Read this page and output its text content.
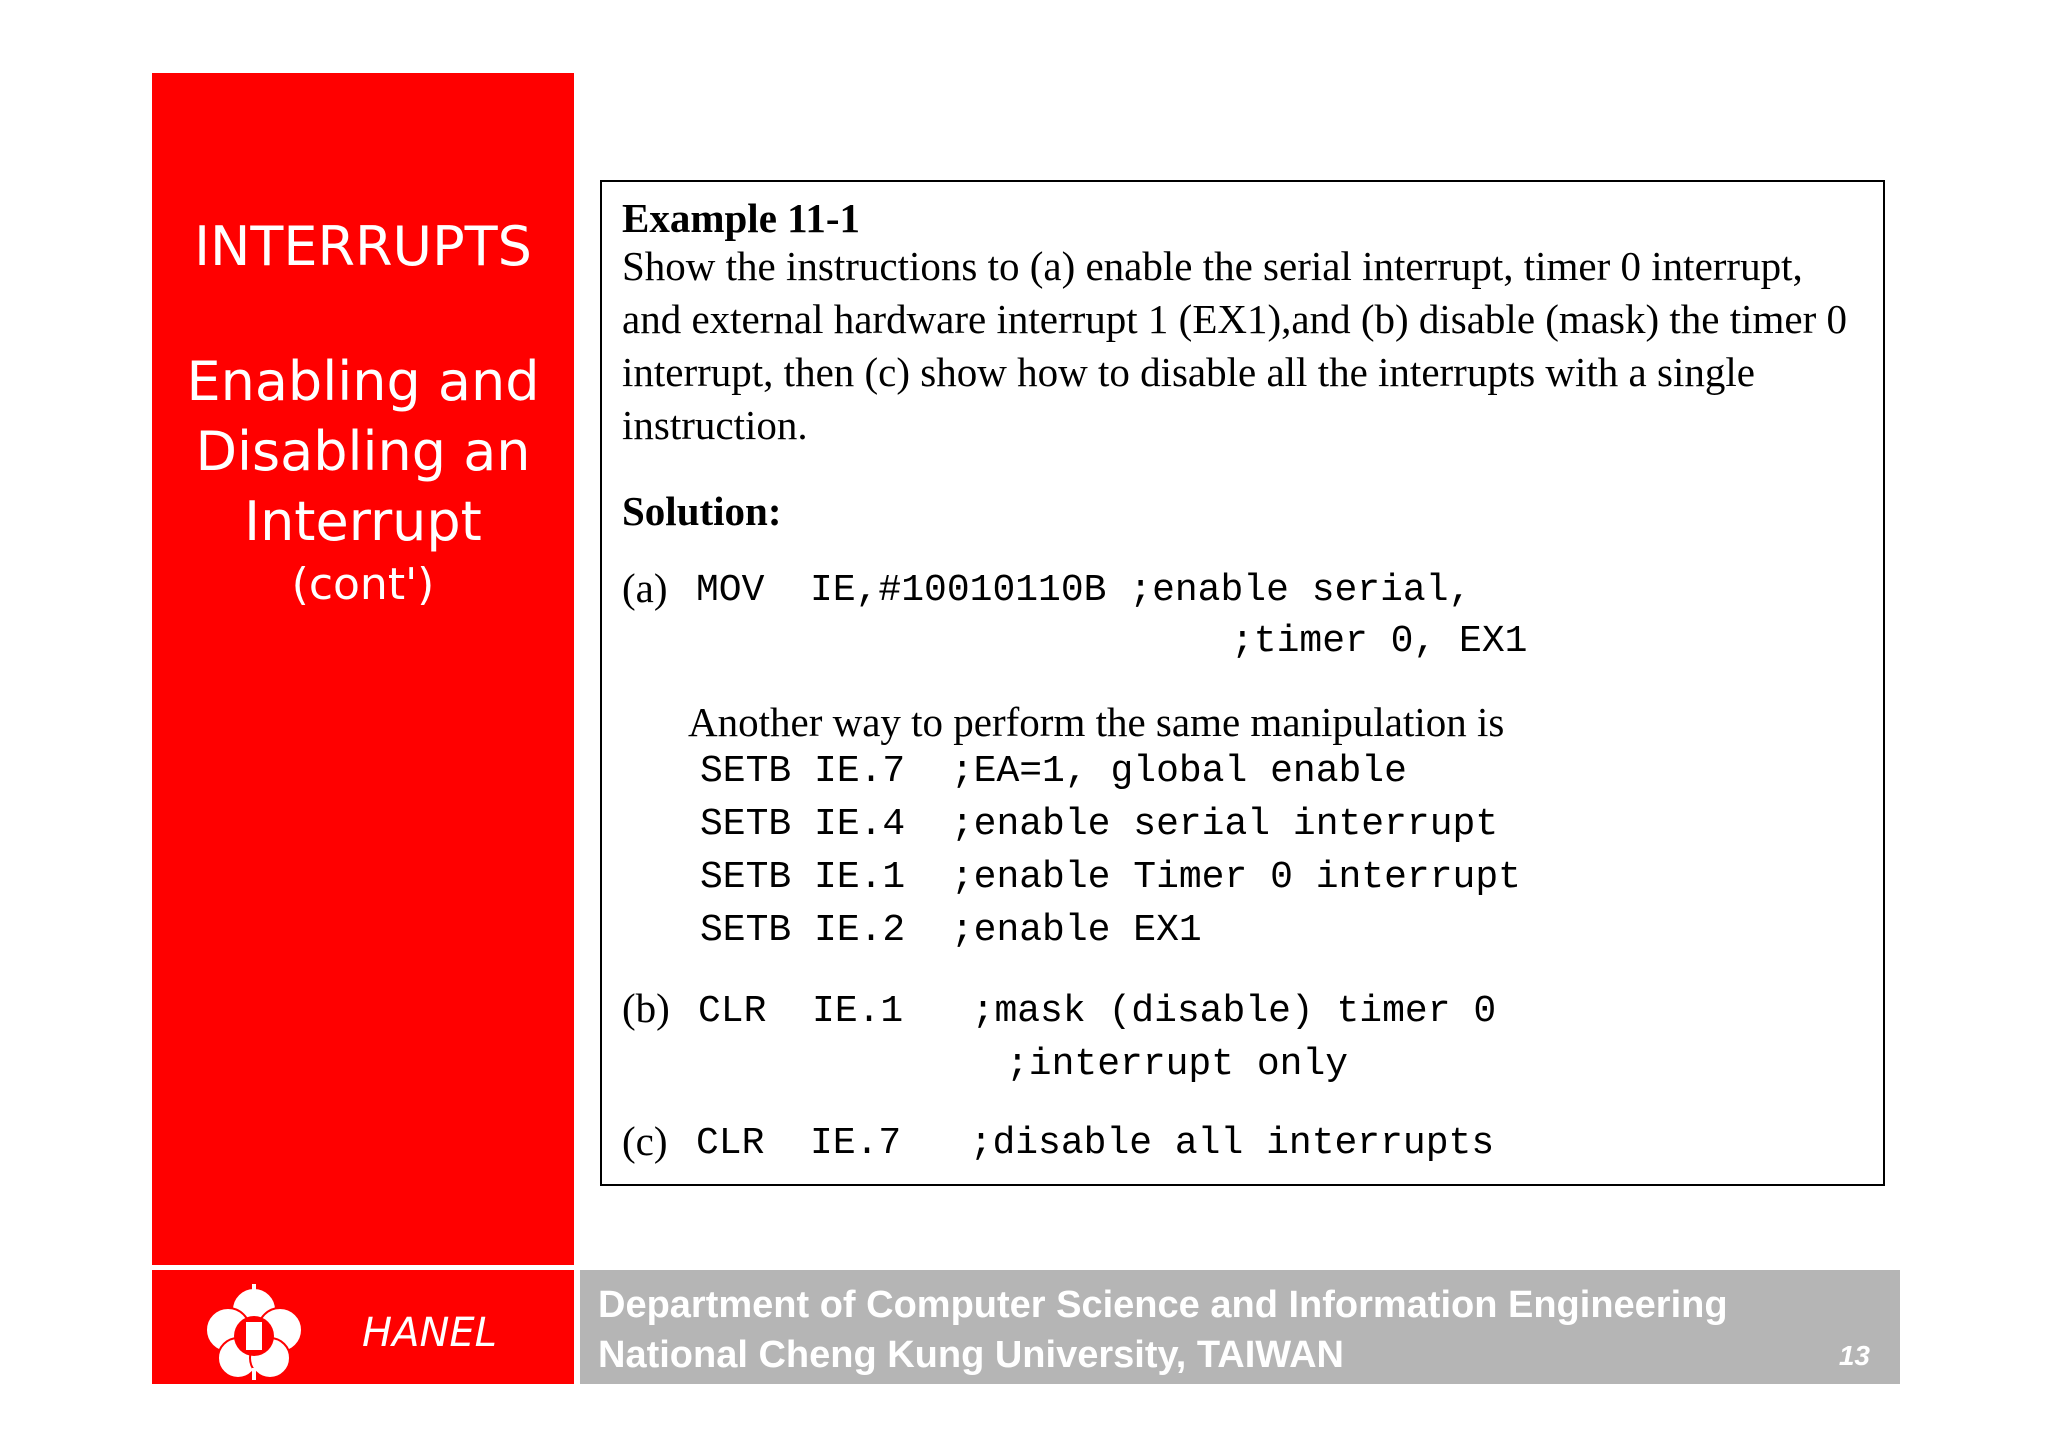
INTERRUPTS
Enabling and
Disabling an
Interrupt
(cont')
HANEL
Department of Computer Science and Information Engineering
National Cheng Kung University, TAIWAN	13
Example 11-1
Show the instructions to (a) enable the serial interrupt, timer 0 interrupt, and external hardware interrupt 1 (EX1),and (b) disable (mask) the timer 0 interrupt, then (c) show how to disable all the interrupts with a single instruction.
Solution:
(a) MOV  IE,#10010110B ;enable serial,
;timer 0, EX1
Another way to perform the same manipulation is
SETB IE.7  ;EA=1, global enable
SETB IE.4  ;enable serial interrupt
SETB IE.1  ;enable Timer 0 interrupt
SETB IE.2  ;enable EX1
(b) CLR  IE.1   ;mask (disable) timer 0
;interrupt only
(c) CLR  IE.7   ;disable all interrupts
